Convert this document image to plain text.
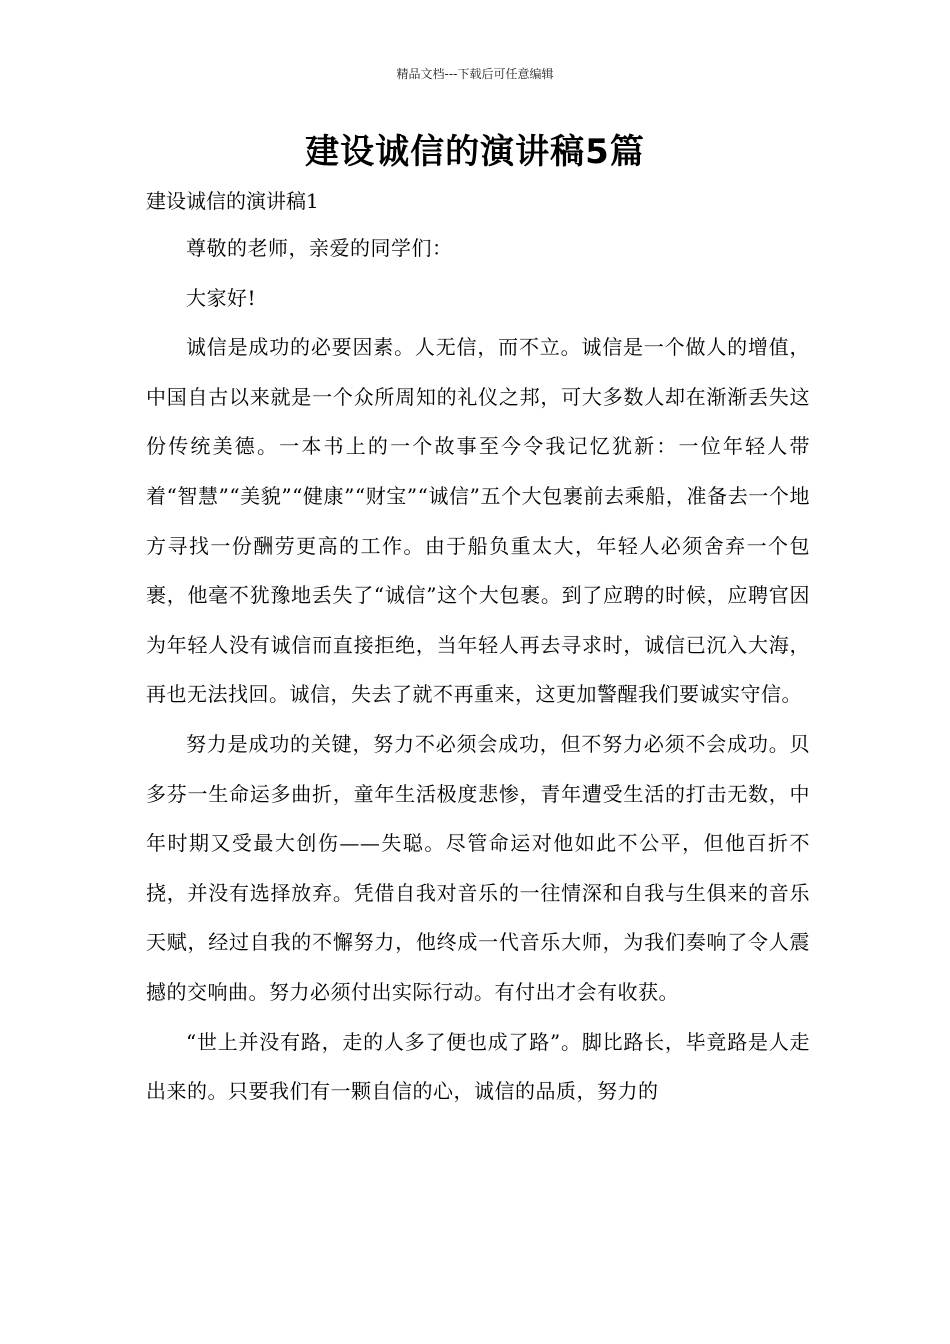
精品文档---下载后可任意编辑
建设诚信的演讲稿5篇
建设诚信的演讲稿1

尊敬的老师，亲爱的同学们：

大家好!

诚信是成功的必要因素。人无信，而不立。诚信是一个做人的增值，中国自古以来就是一个众所周知的礼仪之邦，可大多数人却在渐渐丢失这份传统美德。一本书上的一个故事至今令我记忆犹新：一位年轻人带着“智慧”“美貌”“健康”“财宝”“诚信”五个大包裹前去乘船，准备去一个地方寻找一份酬劳更高的工作。由于船负重太大，年轻人必须舍弃一个包裹，他毫不犹豫地丢失了“诚信”这个大包裹。到了应聘的时候，应聘官因为年轻人没有诚信而直接拒绝，当年轻人再去寻求时，诚信已沉入大海，再也无法找回。诚信，失去了就不再重来，这更加警醒我们要诚实守信。

努力是成功的关键，努力不必须会成功，但不努力必须不会成功。贝多芬一生命运多曲折，童年生活极度悲惨，青年遭受生活的打击无数，中年时期又受最大创伤——失聪。尽管命运对他如此不公平，但他百折不挠，并没有选择放弃。凭借自我对音乐的一往情深和自我与生俱来的音乐天赋，经过自我的不懈努力，他终成一代音乐大师，为我们奏响了令人震撼的交响曲。努力必须付出实际行动。有付出才会有收获。

“世上并没有路，走的人多了便也成了路”。脚比路长，毕竟路是人走出来的。只要我们有一颗自信的心，诚信的品质，努力的
